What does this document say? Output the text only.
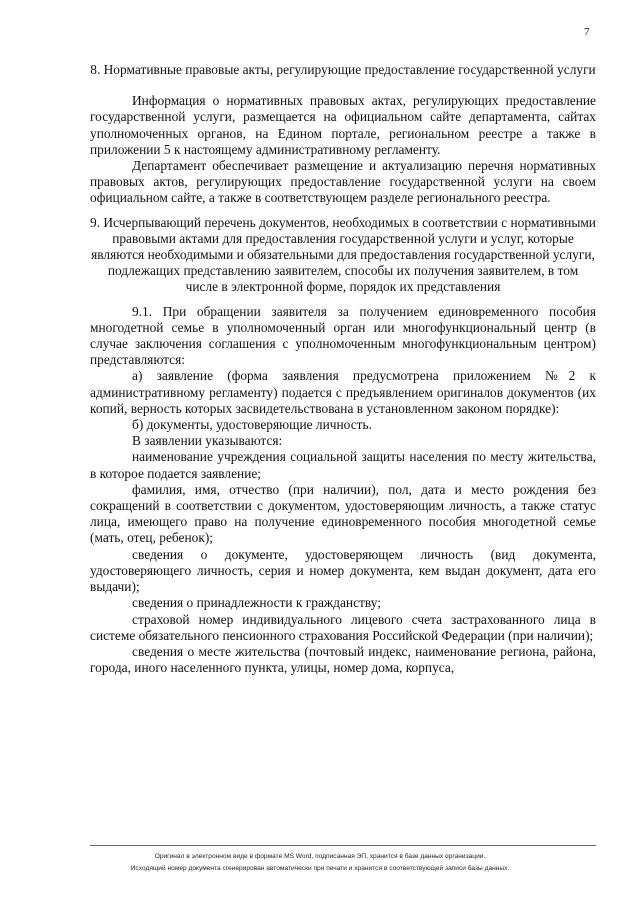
7

8. Нормативные правовые акты, регулирующие предоставление государственной услуги

Информация о нормативных правовых актах, регулирующих предоставление государственной услуги, размещается на официальном сайте департамента, сайтах уполномоченных органов, на Едином портале, региональном реестре а также в приложении 5 к настоящему административному регламенту.

Департамент обеспечивает размещение и актуализацию перечня нормативных правовых актов, регулирующих предоставление государственной услуги на своем официальном сайте, а также в соответствующем разделе регионального реестра.

9. Исчерпывающий перечень документов, необходимых в соответствии с нормативными правовыми актами для предоставления государственной услуги и услуг, которые являются необходимыми и обязательными для предоставления государственной услуги, подлежащих представлению заявителем, способы их получения заявителем, в том числе в электронной форме, порядок их представления

9.1. При обращении заявителя за получением единовременного пособия многодетной семье в уполномоченный орган или многофункциональный центр (в случае заключения соглашения с уполномоченным многофункциональным центром) представляются:

а) заявление (форма заявления предусмотрена приложением №2 к административному регламенту) подается с предъявлением оригиналов документов (их копий, верность которых засвидетельствована в установленном законом порядке):

б) документы, удостоверяющие личность.

В заявлении указываются:

наименование учреждения социальной защиты населения по месту жительства, в которое подается заявление;

фамилия, имя, отчество (при наличии), пол, дата и место рождения без сокращений в соответствии с документом, удостоверяющим личность, а также статус лица, имеющего право на получение единовременного пособия многодетной семье (мать, отец, ребенок);

сведения о документе, удостоверяющем личность (вид документа, удостоверяющего личность, серия и номер документа, кем выдан документ, дата его выдачи);

сведения о принадлежности к гражданству;

страховой номер индивидуального лицевого счета застрахованного лица в системе обязательного пенсионного страхования Российской Федерации (при наличии);

сведения о месте жительства (почтовый индекс, наименование региона, района, города, иного населенного пункта, улицы, номер дома, корпуса,

Оригинал в электронном виде в формате MS Word, подписанная ЭП, хранится в базе данных организации.
Исходящий номер документа сгенерирован автоматически при печати и хранится в соответствующей записи базы данных.
